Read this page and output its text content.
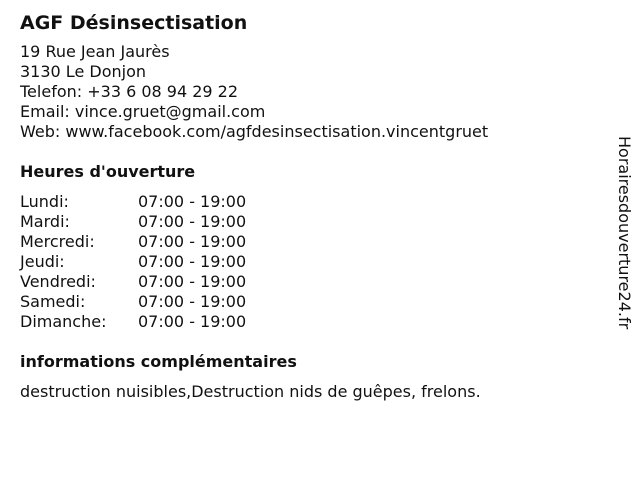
AGF Désinsectisation
19 Rue Jean Jaurès
3130 Le Donjon
Telefon: +33 6 08 94 29 22
Email: vince.gruet@gmail.com
Web: www.facebook.com/agfdesinsectisation.vincentgruet
Heures d'ouverture
Lundi:	07:00 - 19:00
Mardi:	07:00 - 19:00
Mercredi:	07:00 - 19:00
Jeudi:	07:00 - 19:00
Vendredi:	07:00 - 19:00
Samedi:	07:00 - 19:00
Dimanche:	07:00 - 19:00
informations complémentaires
destruction nuisibles,Destruction nids de guêpes, frelons.
Horairesdouverture24.fr
